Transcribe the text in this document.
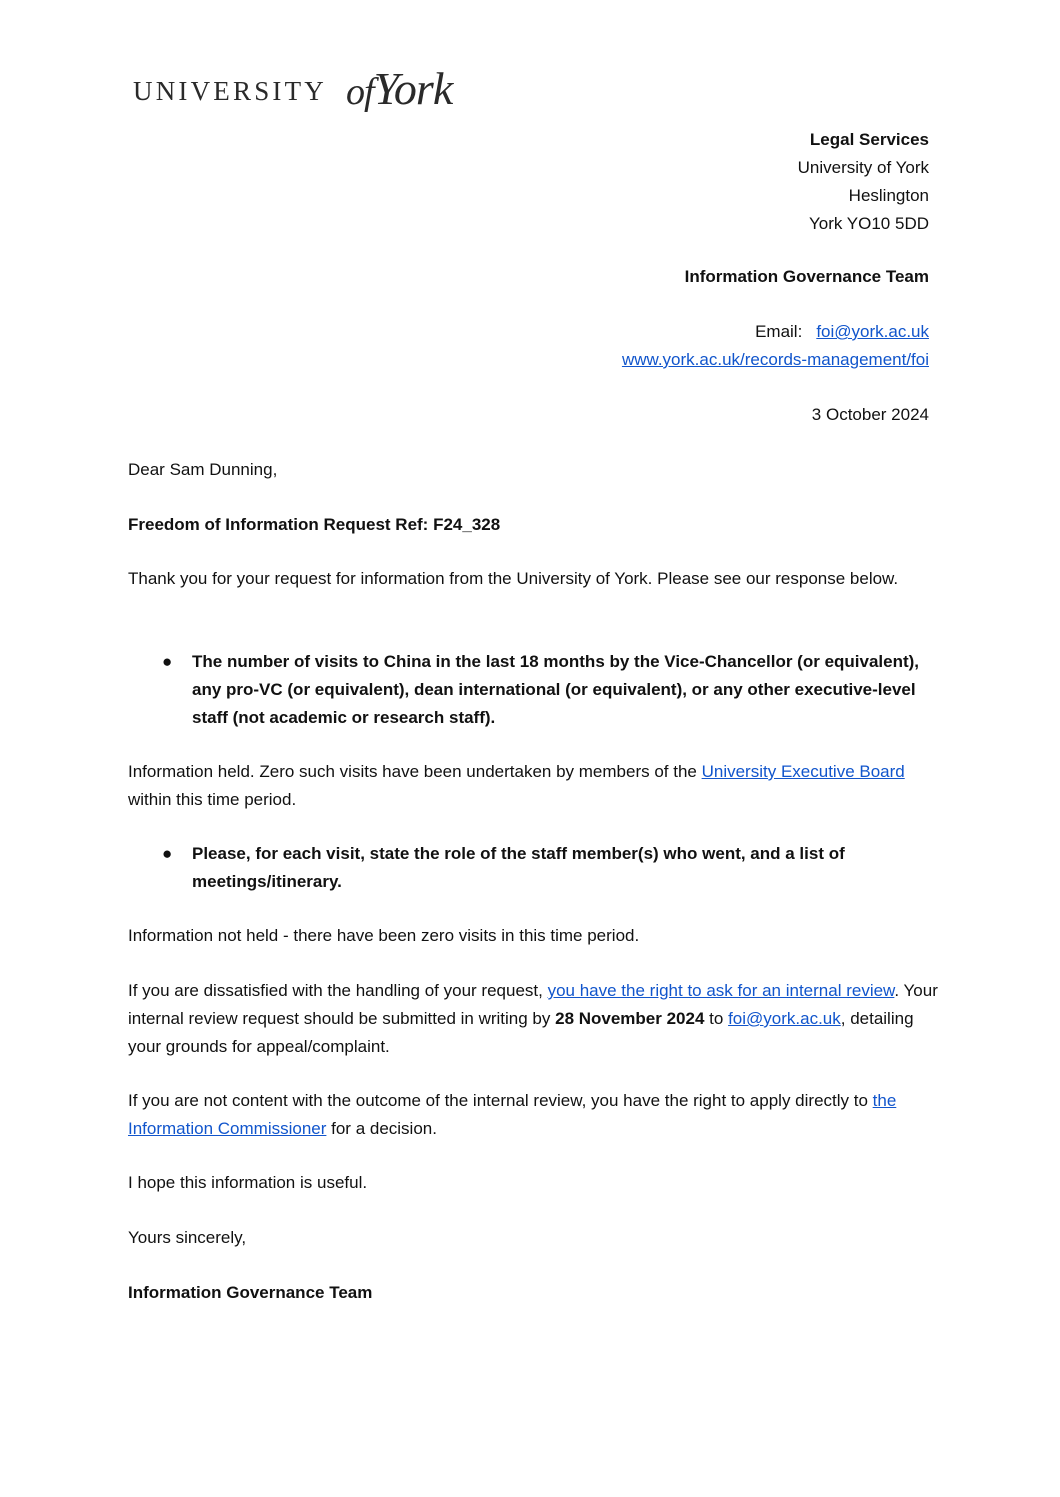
UNIVERSITY ofYork
Legal Services
University of York
Heslington
York YO10 5DD
Information Governance Team
Email: foi@york.ac.uk
www.york.ac.uk/records-management/foi
3 October 2024
Dear Sam Dunning,
Freedom of Information Request Ref: F24_328
Thank you for your request for information from the University of York. Please see our response below.
● The number of visits to China in the last 18 months by the Vice-Chancellor (or equivalent), any pro-VC (or equivalent), dean international (or equivalent), or any other executive-level staff (not academic or research staff).
Information held. Zero such visits have been undertaken by members of the University Executive Board within this time period.
● Please, for each visit, state the role of the staff member(s) who went, and a list of meetings/itinerary.
Information not held - there have been zero visits in this time period.
If you are dissatisfied with the handling of your request, you have the right to ask for an internal review. Your internal review request should be submitted in writing by 28 November 2024 to foi@york.ac.uk, detailing your grounds for appeal/complaint.
If you are not content with the outcome of the internal review, you have the right to apply directly to the Information Commissioner for a decision.
I hope this information is useful.
Yours sincerely,
Information Governance Team
